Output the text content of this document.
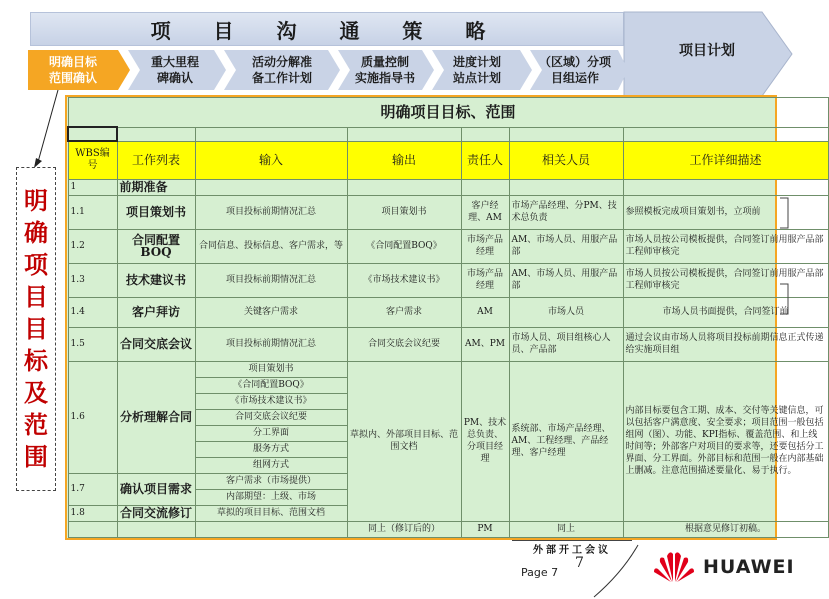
项 目 沟 通 策 略
项目计划
明确目标
范围确认
重大里程
碑确认
活动分解准
备工作计划
质量控制
实施指导书
进度计划
站点计划
（区域）分项
目组运作
明
确
项
目
目
标
及
范
围
明确项目目标、范围						

WBS编号	工作列表	输入	输出	责任人	相关人员	工作详细描述
1	前期准备					
1.1	项目策划书	项目投标前期情况汇总	项目策划书	客户经理、AM	市场产品经理、分PM、技术总负责	参照模板完成项目策划书，立项前
1.2	合同配置BOQ	合同信息、投标信息、客户需求，等	《合同配置BOQ》	市场产品经理	AM、市场人员、用服产品部	市场人员按公司模板提供，合同签订前用服产品部工程师审核完
1.3	技术建议书	项目投标前期情况汇总	《市场技术建议书》	市场产品经理	AM、市场人员、用服产品部	市场人员按公司模板提供，合同签订前用服产品部工程师审核完
1.4	客户拜访	关键客户需求	客户需求	AM	市场人员	市场人员书面提供，合同签订前
1.5	合同交底会议	项目投标前期情况汇总	合同交底会议纪要	AM、PM	市场人员、项目组核心人员、产品部	通过会议由市场人员将项目投标前期信息正式传递给实施项目组
1.6	分析理解合同	项目策划书	草拟内、外部项目目标、范围文档	PM、技术总负责、分项目经理	系统部、市场产品经理、AM、工程经理、产品经理、客户经理	内部目标要包含工期、成本、交付等关键信息，可以包括客户满意度、安全要求；项目范围一般包括组网（图）、功能、KPI指标、覆盖范围、和上线时间等；外部客户对项目的要求等，还要包括分工界面、分工界面。外部目标和范围一般在内部基础上删减。注意范围描述要量化、易于执行。
		《合同配置BOQ》				
		《市场技术建议书》				
		合同交底会议纪要				
		分工界面				
		服务方式				
		组网方式				
1.7	确认项目需求	客户需求（市场提供）				
		内部期望：上级、市场				
1.8	合同交流修订	草拟的项目目标、范围文档				
			同上（修订后的）	PM	同上	根据意见修订初稿。
外部开工会议
Page 7
7	HUAWEI
